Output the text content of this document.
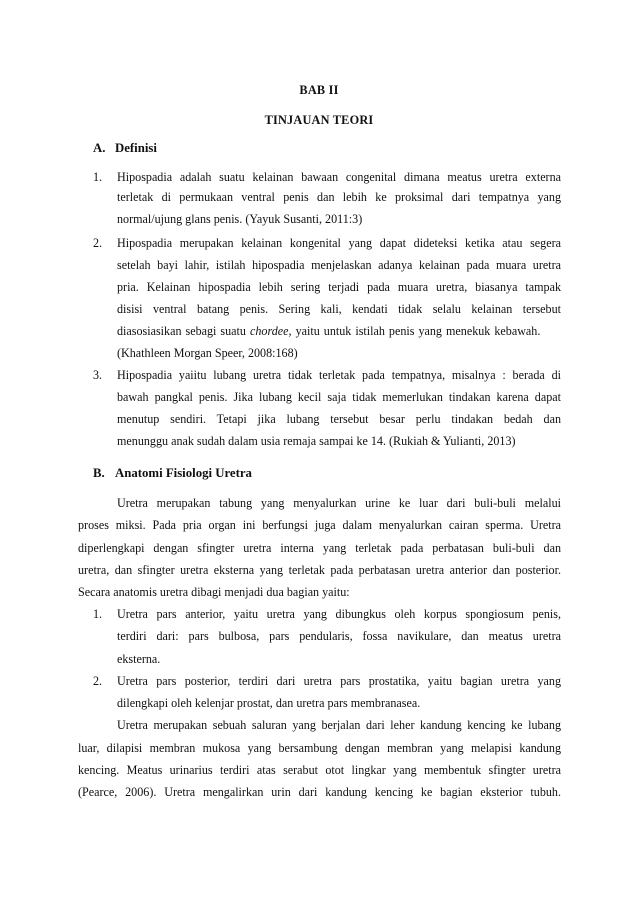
BAB II
TINJAUAN TEORI
A. Definisi
1. Hipospadia adalah suatu kelainan bawaan congenital dimana meatus uretra externa
terletak di permukaan ventral penis dan lebih ke proksimal dari tempatnya yang
normal/ujung glans penis. (Yayuk Susanti, 2011:3)
2. Hipospadia merupakan kelainan kongenital yang dapat dideteksi ketika atau segera
setelah bayi lahir, istilah hipospadia menjelaskan adanya kelainan pada muara uretra
pria. Kelainan hipospadia lebih sering terjadi pada muara uretra, biasanya tampak
disisi ventral batang penis. Sering kali, kendati tidak selalu kelainan tersebut
diasosiasikan sebagi suatu chordee, yaitu untuk istilah penis yang menekuk kebawah.
(Khathleen Morgan Speer, 2008:168)
3. Hipospadia yaiitu lubang uretra tidak terletak pada tempatnya, misalnya : berada di
bawah pangkal penis. Jika lubang kecil saja tidak memerlukan tindakan karena dapat
menutup sendiri. Tetapi jika lubang tersebut besar perlu tindakan bedah dan
menunggu anak sudah dalam usia remaja sampai ke 14. (Rukiah & Yulianti, 2013)
B. Anatomi Fisiologi Uretra
Uretra merupakan tabung yang menyalurkan urine ke luar dari buli-buli melalui
proses miksi. Pada pria organ ini berfungsi juga dalam menyalurkan cairan sperma. Uretra
diperlengkapi dengan sfingter uretra interna yang terletak pada perbatasan buli-buli dan
uretra, dan sfingter uretra eksterna yang terletak pada perbatasan uretra anterior dan posterior.
Secara anatomis uretra dibagi menjadi dua bagian yaitu:
1. Uretra pars anterior, yaitu uretra yang dibungkus oleh korpus spongiosum penis,
terdiri dari: pars bulbosa, pars pendularis, fossa navikulare, dan meatus uretra
eksterna.
2. Uretra pars posterior, terdiri dari uretra pars prostatika, yaitu bagian uretra yang
dilengkapi oleh kelenjar prostat, dan uretra pars membranasea.
Uretra merupakan sebuah saluran yang berjalan dari leher kandung kencing ke lubang
luar, dilapisi membran mukosa yang bersambung dengan membran yang melapisi kandung
kencing. Meatus urinarius terdiri atas serabut otot lingkar yang membentuk sfingter uretra
(Pearce, 2006). Uretra mengalirkan urin dari kandung kencing ke bagian eksterior tubuh.
